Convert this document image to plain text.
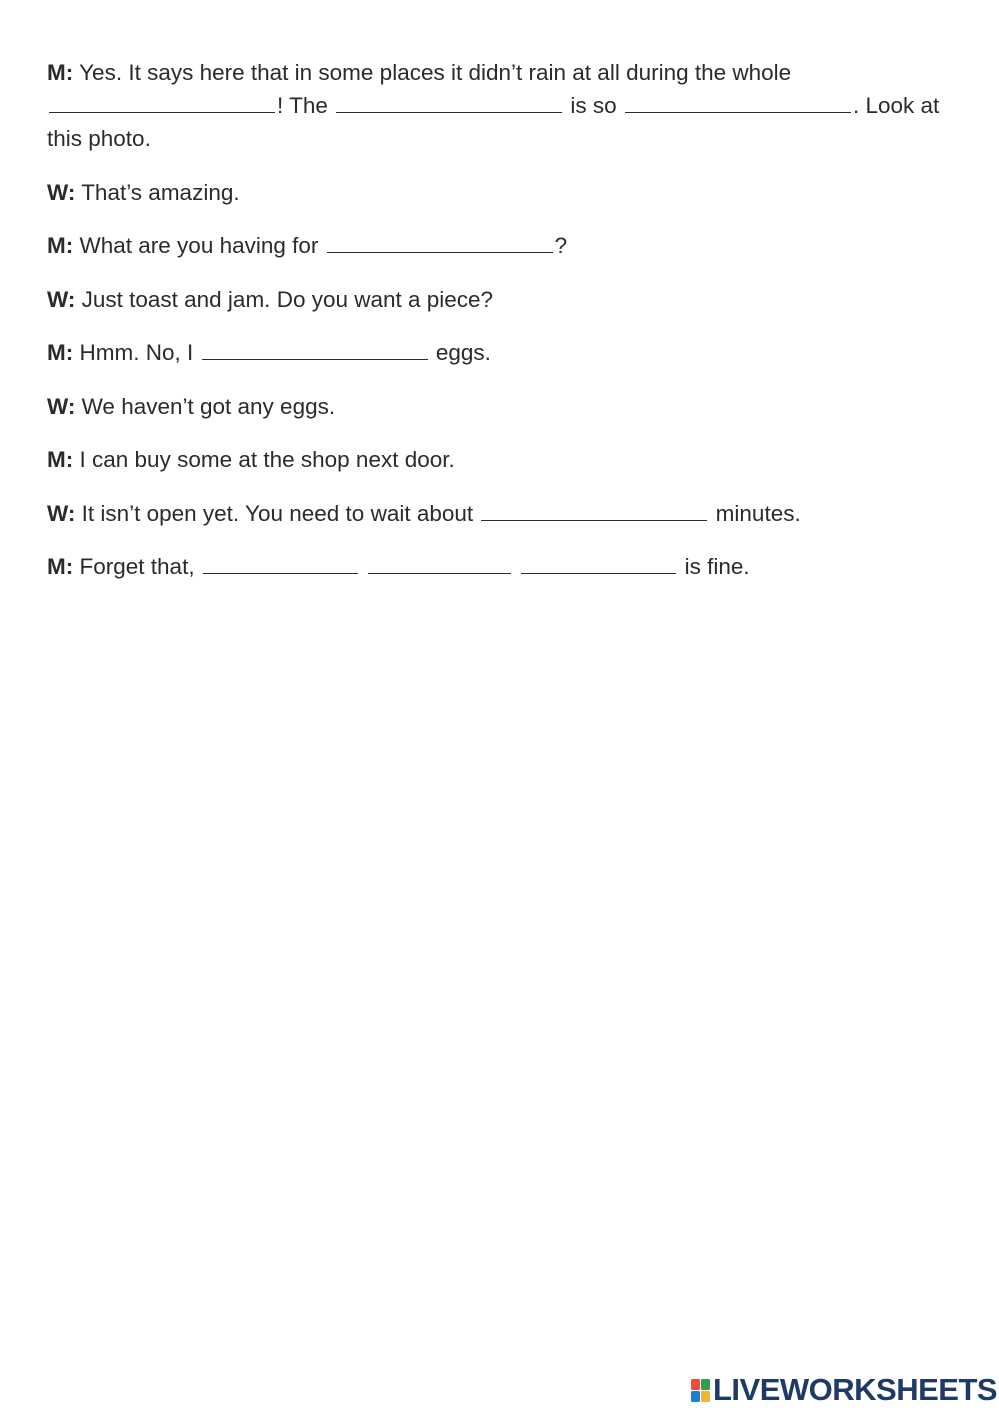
M: Yes. It says here that in some places it didn’t rain at all during the whole ! The	is so	. Look at this photo.

W: That’s amazing.

M: What are you having for	?

W: Just toast and jam. Do you want a piece?

M: Hmm. No, I	eggs.

W: We haven’t got any eggs.

M: I can buy some at the shop next door.

W: It isn’t open yet. You need to wait about	minutes.

M: Forget that,	is fine.

LIVEWORKSHEETS
